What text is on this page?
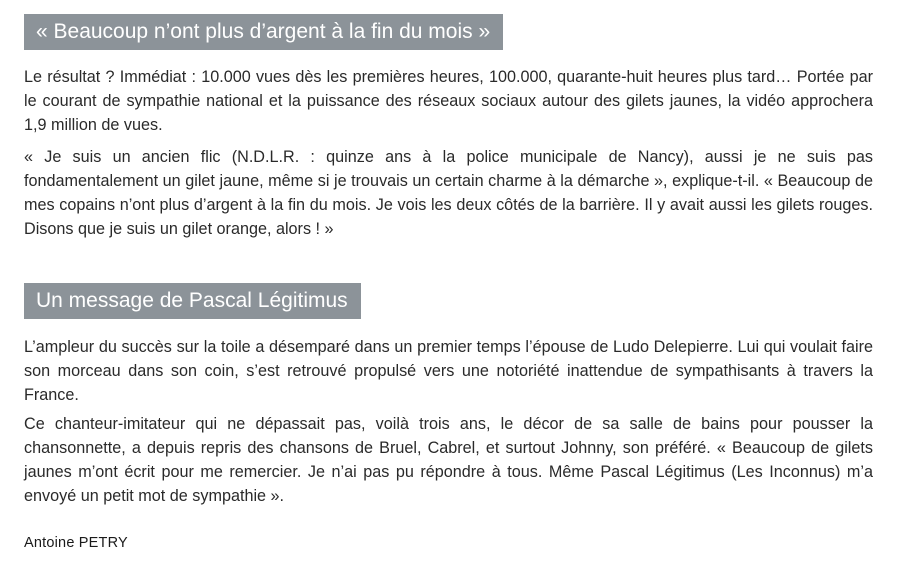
« Beaucoup n’ont plus d’argent à la fin du mois »

Le résultat ? Immédiat : 10.000 vues dès les premières heures, 100.000, quarante-huit heures plus tard… Portée par le courant de sympathie national et la puissance des réseaux sociaux autour des gilets jaunes, la vidéo approchera 1,9 million de vues.

« Je suis un ancien flic (N.D.L.R. : quinze ans à la police municipale de Nancy), aussi je ne suis pas fondamentalement un gilet jaune, même si je trouvais un certain charme à la démarche », explique-t-il. « Beaucoup de mes copains n’ont plus d’argent à la fin du mois. Je vois les deux côtés de la barrière. Il y avait aussi les gilets rouges. Disons que je suis un gilet orange, alors ! »

Un message de Pascal Légitimus

L’ampleur du succès sur la toile a désemparé dans un premier temps l’épouse de Ludo Delepierre. Lui qui voulait faire son morceau dans son coin, s’est retrouvé propulsé vers une notoriété inattendue de sympathisants à travers la France.

Ce chanteur-imitateur qui ne dépassait pas, voilà trois ans, le décor de sa salle de bains pour pousser la chansonnette, a depuis repris des chansons de Bruel, Cabrel, et surtout Johnny, son préféré. « Beaucoup de gilets jaunes m’ont écrit pour me remercier. Je n’ai pas pu répondre à tous. Même Pascal Légitimus (Les Inconnus) m’a envoyé un petit mot de sympathie ».

Antoine PETRY
